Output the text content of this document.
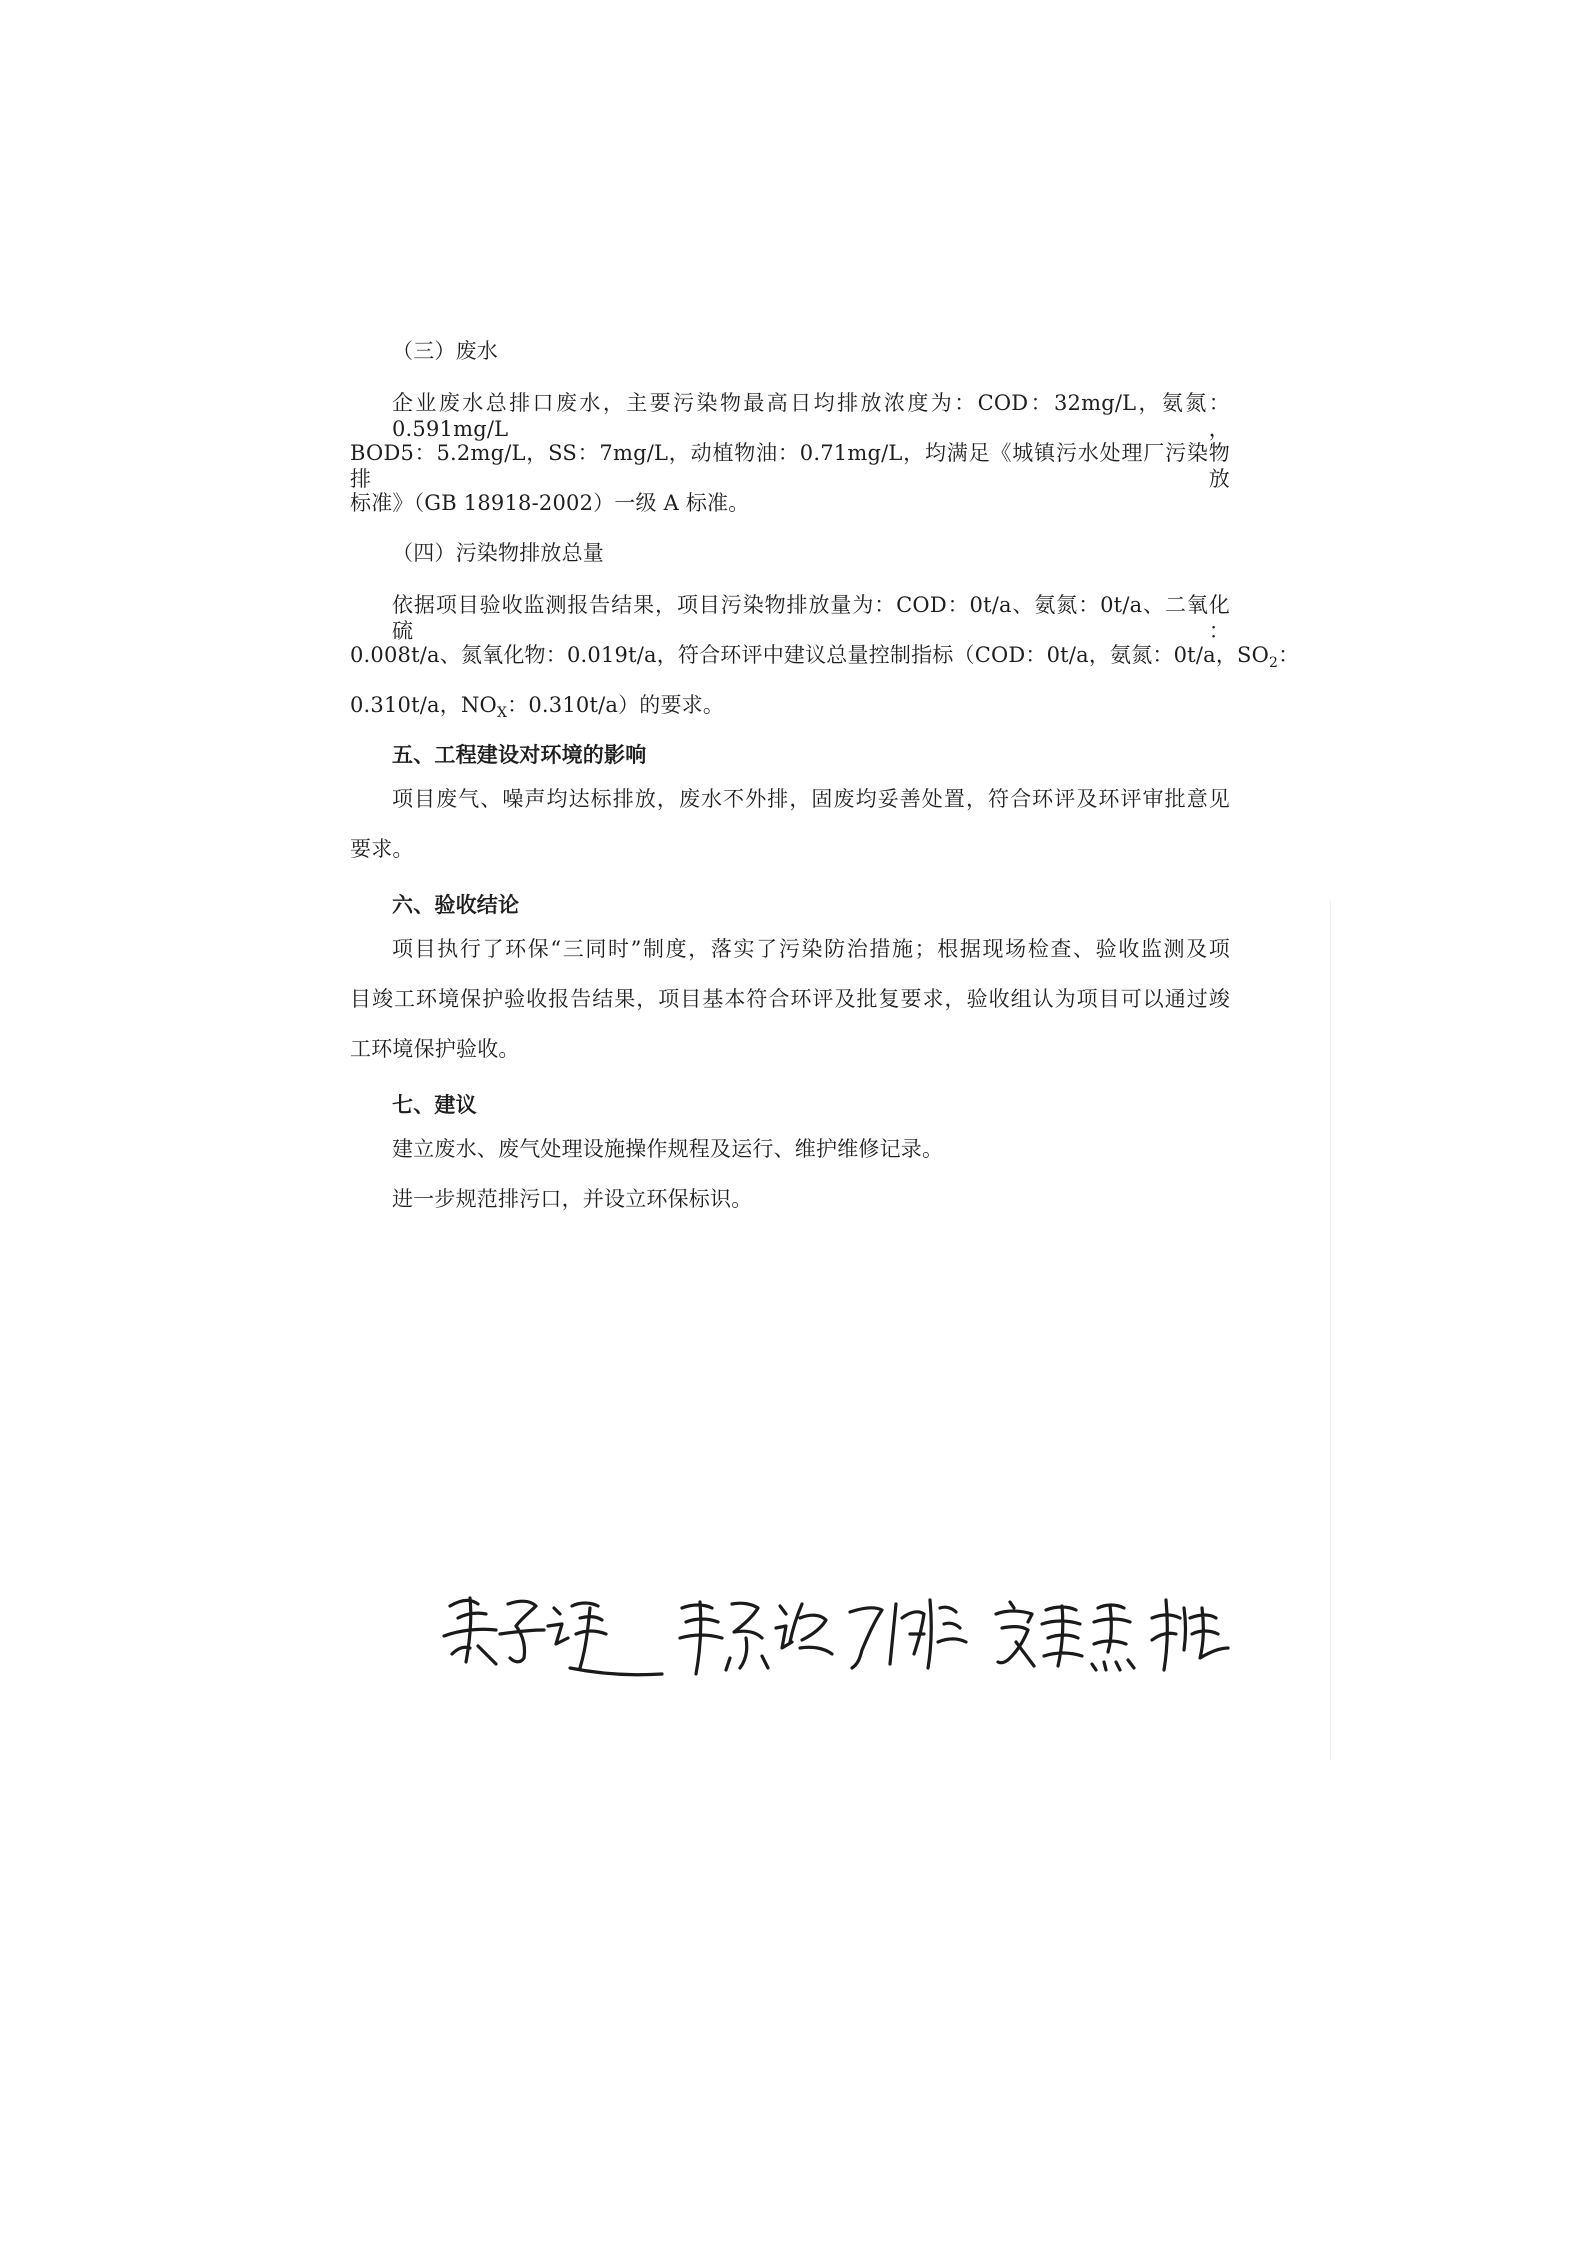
（三）废水
企业废水总排口废水，主要污染物最高日均排放浓度为：COD：32mg/L，氨氮：0.591mg/L，
BOD5：5.2mg/L，SS：7mg/L，动植物油：0.71mg/L，均满足《城镇污水处理厂污染物排放
标准》（GB 18918-2002）一级 A 标准。
（四）污染物排放总量
依据项目验收监测报告结果，项目污染物排放量为：COD：0t/a、氨氮：0t/a、二氧化硫：
0.008t/a、氮氧化物：0.019t/a，符合环评中建议总量控制指标（COD：0t/a，氨氮：0t/a，$SO_2$：
0.310t/a，$NO_X$：0.310t/a）的要求。
五、工程建设对环境的影响
项目废气、噪声均达标排放，废水不外排，固废均妥善处置，符合环评及环评审批意见
要求。
六、验收结论
项目执行了环保“三同时”制度，落实了污染防治措施；根据现场检查、验收监测及项
目竣工环境保护验收报告结果，项目基本符合环评及批复要求，验收组认为项目可以通过竣
工环境保护验收。
七、建议
建立废水、废气处理设施操作规程及运行、维护维修记录。
进一步规范排污口，并设立环保标识。
